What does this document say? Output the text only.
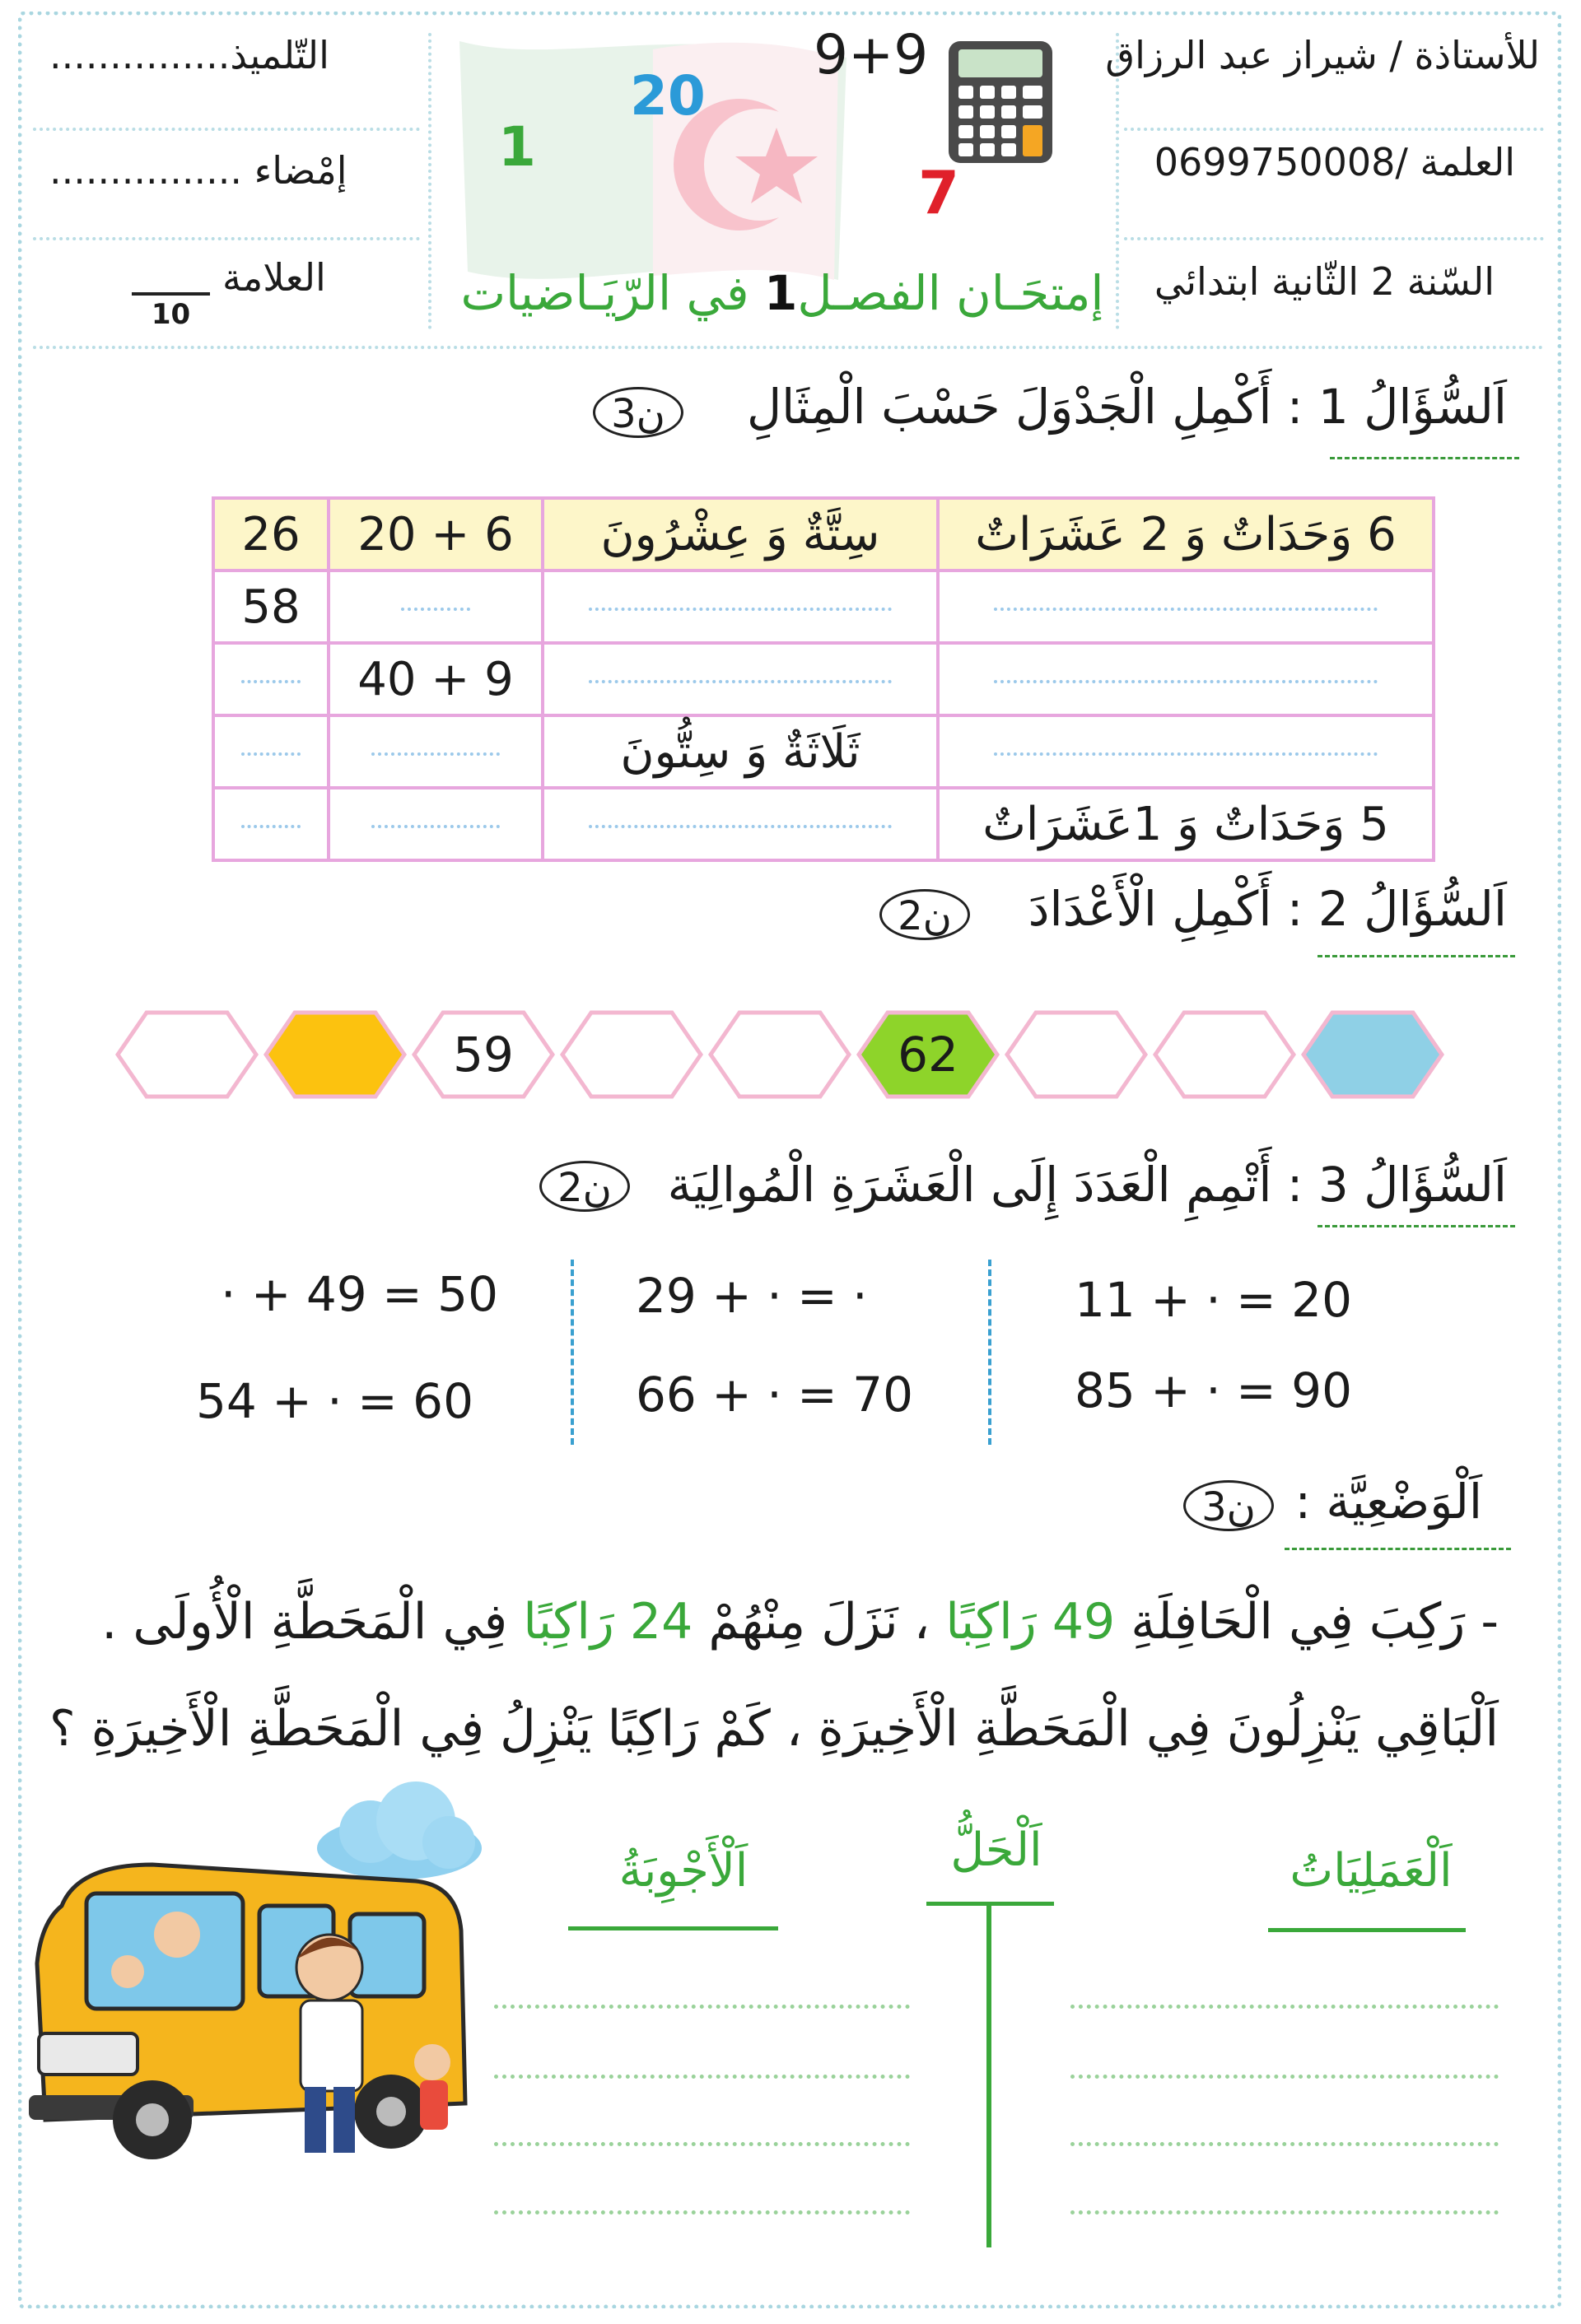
للأستاذة / شيراز عبد الرزاق
العلمة /0699750008
السّنة 2 الثّانية ابتدائي
التّلميذ...............
إمْضاء ................
العلامة
10
9+9
20
1
7
إمتحَـان الفصـل1 في الرّيَـاضيات
اَلسُّؤَالُ 1 : أَكْمِلِ الْجَدْوَلَ حَسْبَ الْمِثَالِ
3ن
26	20 + 6	سِتَّةٌ وَ عِشْرُونَ	6 وَحَدَاتٌ وَ 2 عَشَرَاتٌ
58			
	40 + 9		
		ثَلَاثَةٌ وَ سِتُّونَ	
			5 وَحَدَاتٌ وَ 1عَشَرَاتٌ
اَلسُّؤَالُ 2 : أَكْمِلِ الْأَعْدَادَ
2ن
59	62
اَلسُّؤَالُ 3 : أَتْمِمِ الْعَدَدَ إِلَى الْعَشَرَةِ الْمُوالِيَة
2ن
11 + · = 20
85 + · = 90
29 + · = ·
66 + · = 70
· + 49 = 50
54 + · = 60
اَلْوَضْعِيَّة :
3ن
- رَكِبَ فِي الْحَافِلَةِ 49 رَاكِبًا ، نَزَلَ مِنْهُمْ 24 رَاكِبًا فِي الْمَحَطَّةِ الْأُولَى .
اَلْبَاقِي يَنْزِلُونَ فِي الْمَحَطَّةِ الْأَخِيرَةِ ، كَمْ رَاكِبًا يَنْزِلُ فِي الْمَحَطَّةِ الْأَخِيرَةِ ؟
اَلْعَمَلِيَاتُ
اَلْحَلُّ
اَلْأَجْوِبَةُ
